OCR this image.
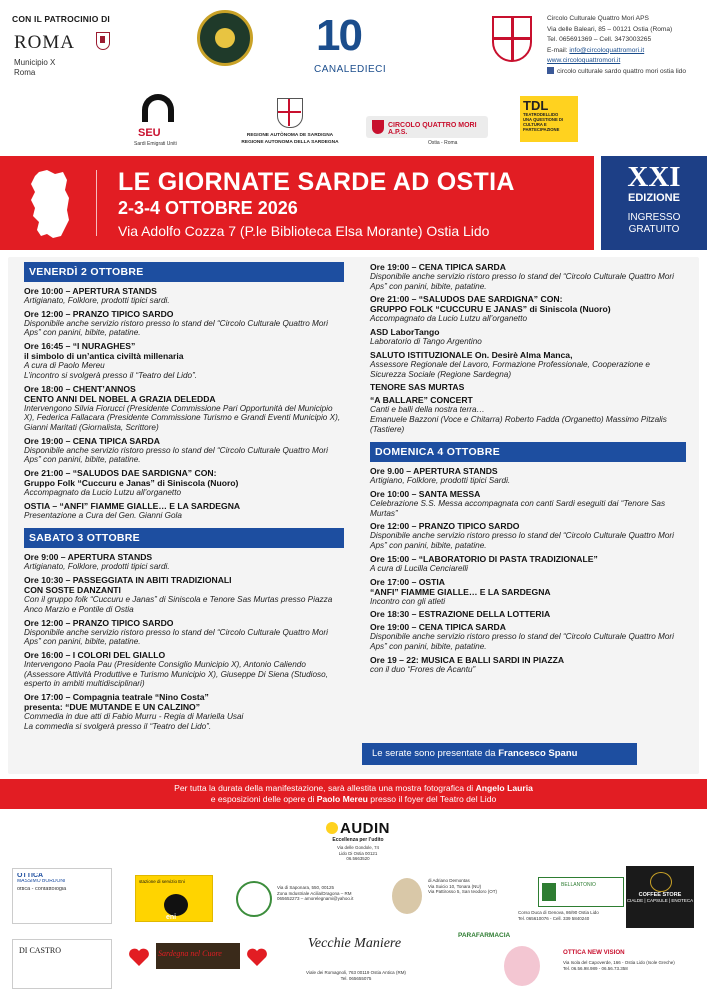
CON IL PATROCINIO DI
ROMA
Municipio X
Roma
10
CANALEDIECI
Circolo Culturale Quattro Mori APS
Via delle Baleari, 85 – 00121 Ostia (Roma)
Tel. 065691369 – Cell. 3473003265
E-mail: info@circoloquattromori.it
www.circoloquattromori.it
circolo culturale sardo quattro mori ostia lido
SEU
Sardi Emigrati Uniti
REGIONE AUTÒNOMA DE SARDIGNA
REGIONE AUTONOMA DELLA SARDEGNA
CIRCOLO QUATTRO MORI A.P.S.
Ostia - Roma
TDL
TEATRODELLIDO
UNA QUESTIONE DI CULTURA E PARTECIPAZIONE
LE GIORNATE SARDE AD OSTIA
2-3-4 OTTOBRE 2026
Via Adolfo Cozza 7 (P.le Biblioteca Elsa Morante) Ostia Lido
XXI
EDIZIONE
INGRESSO
GRATUITO
VENERDÌ 2 OTTOBRE
Ore 10:00 – APERTURA STANDS
Artigianato, Folklore, prodotti tipici sardi.
Ore 12:00 – PRANZO TIPICO SARDO
Disponibile anche servizio ristoro presso lo stand del “Circolo Culturale Quattro Mori Aps” con panini, bibite, patatine.
Ore 16:45 – “I NURAGHES”
il simbolo di un’antica civiltà millenaria
A cura di Paolo Mereu
L’incontro si svolgerà presso il “Teatro del Lido”.
Ore 18:00 – CHENT’ANNOS
CENTO ANNI DEL NOBEL A GRAZIA DELEDDA
Intervengono Silvia Fiorucci (Presidente Commissione Pari Opportunità del Municipio X), Federica Fallacara (Presidente Commissione Turismo e Grandi Eventi Municipio X), Gianni Maritati (Giornalista, Scrittore)
Ore 19:00 – CENA TIPICA SARDA
Disponibile anche servizio ristoro presso lo stand del “Circolo Culturale Quattro Mori Aps” con panini, bibite, patatine.
Ore 21:00 – “SALUDOS DAE SARDIGNA” CON:
Gruppo Folk “Cuccuru e Janas” di Siniscola (Nuoro)
Accompagnato da Lucio Lutzu all’organetto
OSTIA – “ANFI” FIAMME GIALLE… E LA SARDEGNA
Presentazione a Cura del Gen. Gianni Gola
SABATO 3 OTTOBRE
Ore 9:00 – APERTURA STANDS
Artigianato, Folklore, prodotti tipici sardi.
Ore 10:30 – PASSEGGIATA IN ABITI TRADIZIONALI
CON SOSTE DANZANTI
Con il gruppo folk “Cuccuru e Janas” di Siniscola e Tenore Sas Murtas presso Piazza Anco Marzio e Pontile di Ostia
Ore 12:00 – PRANZO TIPICO SARDO
Disponibile anche servizio ristoro presso lo stand del “Circolo Culturale Quattro Mori Aps” con panini, bibite, patatine.
Ore 16:00 – I COLORI DEL GIALLO
Intervengono Paola Pau (Presidente Consiglio Municipio X), Antonio Caliendo (Assessore Attività Produttive e Turismo Municipio X), Giuseppe Di Siena (Studioso, esperto in ambiti multidisciplinari)
Ore 17:00 – Compagnia teatrale “Nino Costa”
presenta: “DUE MUTANDE E UN CALZINO”
Commedia in due atti di Fabio Murru - Regia di Mariella Usai
La commedia si svolgerà presso il “Teatro del Lido”.
Ore 19:00 – CENA TIPICA SARDA
Disponibile anche servizio ristoro presso lo stand del “Circolo Culturale Quattro Mori Aps” con panini, bibite, patatine.
Ore 21:00 – “SALUDOS DAE SARDIGNA” CON:
GRUPPO FOLK “CUCCURU E JANAS” di Siniscola (Nuoro)
Accompagnato da Lucio Lutzu all’organetto
ASD LaborTango
Laboratorio di Tango Argentino
SALUTO ISTITUZIONALE On. Desirè Alma Manca,
Assessore Regionale del Lavoro, Formazione Professionale, Cooperazione e Sicurezza Sociale (Regione Sardegna)
TENORE SAS MURTAS
“A BALLARE” CONCERT
Canti e balli della nostra terra…
Emanuele Bazzoni (Voce e Chitarra) Roberto Fadda (Organetto) Massimo Pitzalis (Tastiere)
DOMENICA 4 OTTOBRE
Ore 9.00 – APERTURA STANDS
Artigiano, Folklore, prodotti tipici Sardi.
Ore 10:00 – SANTA MESSA
Celebrazione S.S. Messa accompagnata con canti Sardi eseguiti dai “Tenore Sas Murtas”
Ore 12:00 – PRANZO TIPICO SARDO
Disponibile anche servizio ristoro presso lo stand del “Circolo Culturale Quattro Mori Aps” con panini, bibite, patatine.
Ore 15:00 – “LABORATORIO DI PASTA TRADIZIONALE”
A cura di Lucilla Cenciarelli
Ore 17:00 – OSTIA
“ANFI” FIAMME GIALLE… E LA SARDEGNA
Incontro con gli atleti
Ore 18:30 – ESTRAZIONE DELLA LOTTERIA
Ore 19:00 – CENA TIPICA SARDA
Disponibile anche servizio ristoro presso lo stand del “Circolo Culturale Quattro Mori Aps” con panini, bibite, patatine.
Ore 19 – 22: MUSICA E BALLI SARDI IN PIAZZA
con il duo “Frores de Acantu”
Le serate sono presentate da Francesco Spanu
Per tutta la durata della manifestazione, sarà allestita una mostra fotografica di Angelo Lauria
e esposizioni delle opere di Paolo Mereu presso il foyer del Teatro del Lido
AUDIN
Eccellenza per l’udito
Via delle Gondole, 74
Lido Di Ostia 00121
06.5663520
OTTICA
MASSIMO BORDONI
ottica - contattologia
DI CASTRO
stazione di servizio Eni
eni
Via di Saponara, 550, 00125
Zona Industriale Acilia/Dragona – RM
065652273 – amorelegnami@yahoo.it
di Adriano Demontas
Via Suicio 10, Tonara (NU)
Via Pattirosso 5, San teodoro (OT)
BELLANTONIO
Corso Duca di Genova, 86/90 Ostia Lido
Tel. 065610076 - Cell. 339 5840240
COFFEE STORE
CIALDE | CAPSULE | ENOTECA
Sardegna nel Cuore
Vecchie Maniere
Viale dei Romagnoli, 763 00119 Ostia Antica (RM)
Tel. 065655075
PARAFARMACIA
OTTICA NEW VISION
Via Isola del Capoverde, 166 - Ostia Lido (Isole Greche)
Tel. 06.56.98.989 - 06.56.73.358
